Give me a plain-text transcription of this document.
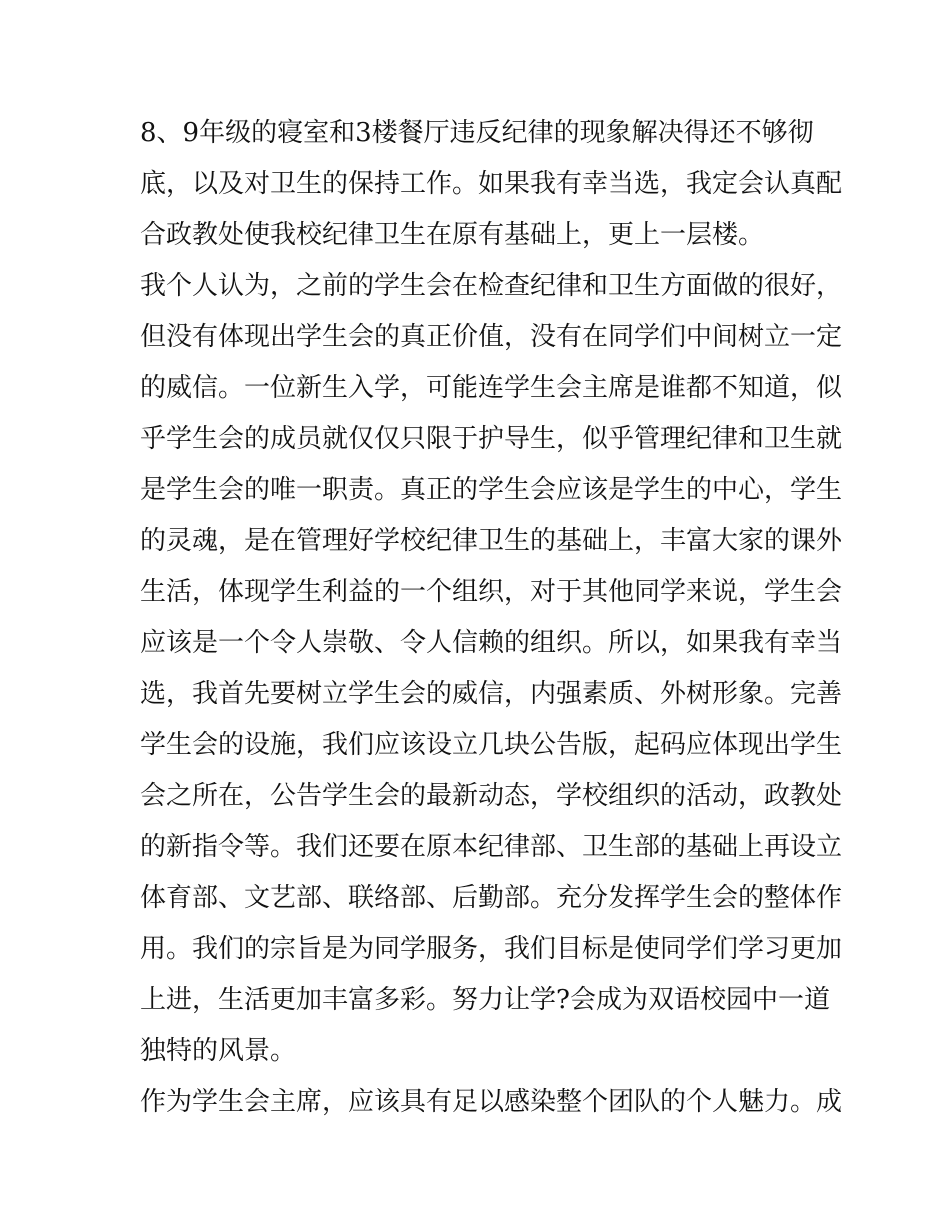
8、9年级的寝室和3楼餐厅违反纪律的现象解决得还不够彻
底，以及对卫生的保持工作。如果我有幸当选，我定会认真配
合政教处使我校纪律卫生在原有基础上，更上一层楼。

我个人认为，之前的学生会在检查纪律和卫生方面做的很好，
但没有体现出学生会的真正价值，没有在同学们中间树立一定
的威信。一位新生入学，可能连学生会主席是谁都不知道，似
乎学生会的成员就仅仅只限于护导生，似乎管理纪律和卫生就
是学生会的唯一职责。真正的学生会应该是学生的中心，学生
的灵魂，是在管理好学校纪律卫生的基础上，丰富大家的课外
生活，体现学生利益的一个组织，对于其他同学来说，学生会
应该是一个令人崇敬、令人信赖的组织。所以，如果我有幸当
选，我首先要树立学生会的威信，内强素质、外树形象。完善
学生会的设施，我们应该设立几块公告版，起码应体现出学生
会之所在，公告学生会的最新动态，学校组织的活动，政教处
的新指令等。我们还要在原本纪律部、卫生部的基础上再设立
体育部、文艺部、联络部、后勤部。充分发挥学生会的整体作
用。我们的宗旨是为同学服务，我们目标是使同学们学习更加
上进，生活更加丰富多彩。努力让学?会成为双语校园中一道
独特的风景。

作为学生会主席，应该具有足以感染整个团队的个人魅力。成
